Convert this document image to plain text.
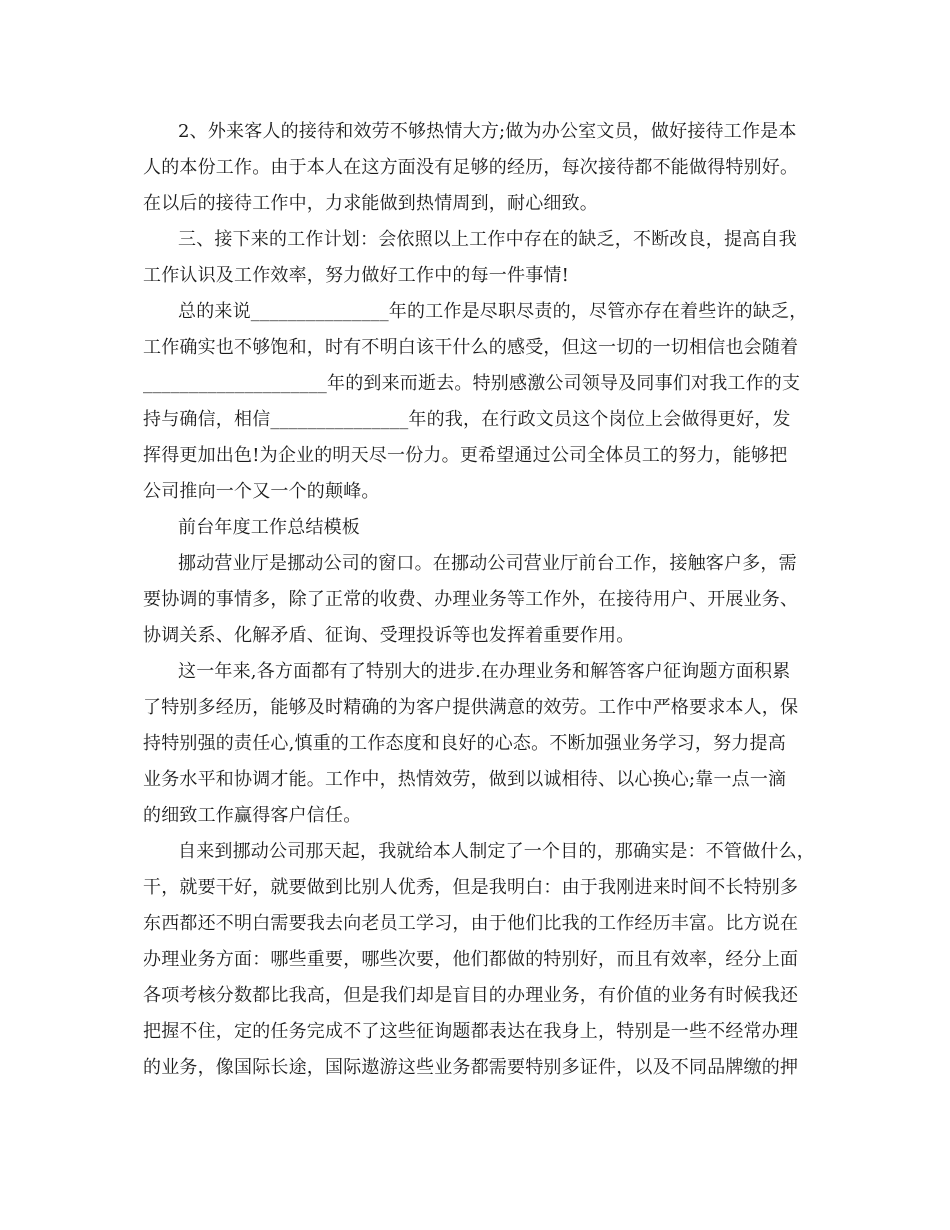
2、外来客人的接待和效劳不够热情大方;做为办公室文员，做好接待工作是本
人的本份工作。由于本人在这方面没有足够的经历，每次接待都不能做得特别好。
在以后的接待工作中，力求能做到热情周到，耐心细致。
三、接下来的工作计划：会依照以上工作中存在的缺乏，不断改良，提高自我
工作认识及工作效率，努力做好工作中的每一件事情!
总的来说_______________年的工作是尽职尽责的，尽管亦存在着些许的缺乏，
工作确实也不够饱和，时有不明白该干什么的感受，但这一切的一切相信也会随着
____________________年的到来而逝去。特别感激公司领导及同事们对我工作的支
持与确信，相信_______________年的我，在行政文员这个岗位上会做得更好，发
挥得更加出色!为企业的明天尽一份力。更希望通过公司全体员工的努力，能够把
公司推向一个又一个的颠峰。
前台年度工作总结模板
挪动营业厅是挪动公司的窗口。在挪动公司营业厅前台工作，接触客户多，需
要协调的事情多，除了正常的收费、办理业务等工作外，在接待用户、开展业务、
协调关系、化解矛盾、征询、受理投诉等也发挥着重要作用。
这一年来,各方面都有了特别大的进步.在办理业务和解答客户征询题方面积累
了特别多经历，能够及时精确的为客户提供满意的效劳。工作中严格要求本人，保
持特别强的责任心,慎重的工作态度和良好的心态。不断加强业务学习，努力提高
业务水平和协调才能。工作中，热情效劳，做到以诚相待、以心换心;靠一点一滴
的细致工作赢得客户信任。
自来到挪动公司那天起，我就给本人制定了一个目的，那确实是：不管做什么，
干，就要干好，就要做到比别人优秀，但是我明白：由于我刚进来时间不长特别多
东西都还不明白需要我去向老员工学习，由于他们比我的工作经历丰富。比方说在
办理业务方面：哪些重要，哪些次要，他们都做的特别好，而且有效率，经分上面
各项考核分数都比我高，但是我们却是盲目的办理业务，有价值的业务有时候我还
把握不住，定的任务完成不了这些征询题都表达在我身上，特别是一些不经常办理
的业务，像国际长途，国际遨游这些业务都需要特别多证件，以及不同品牌缴的押
